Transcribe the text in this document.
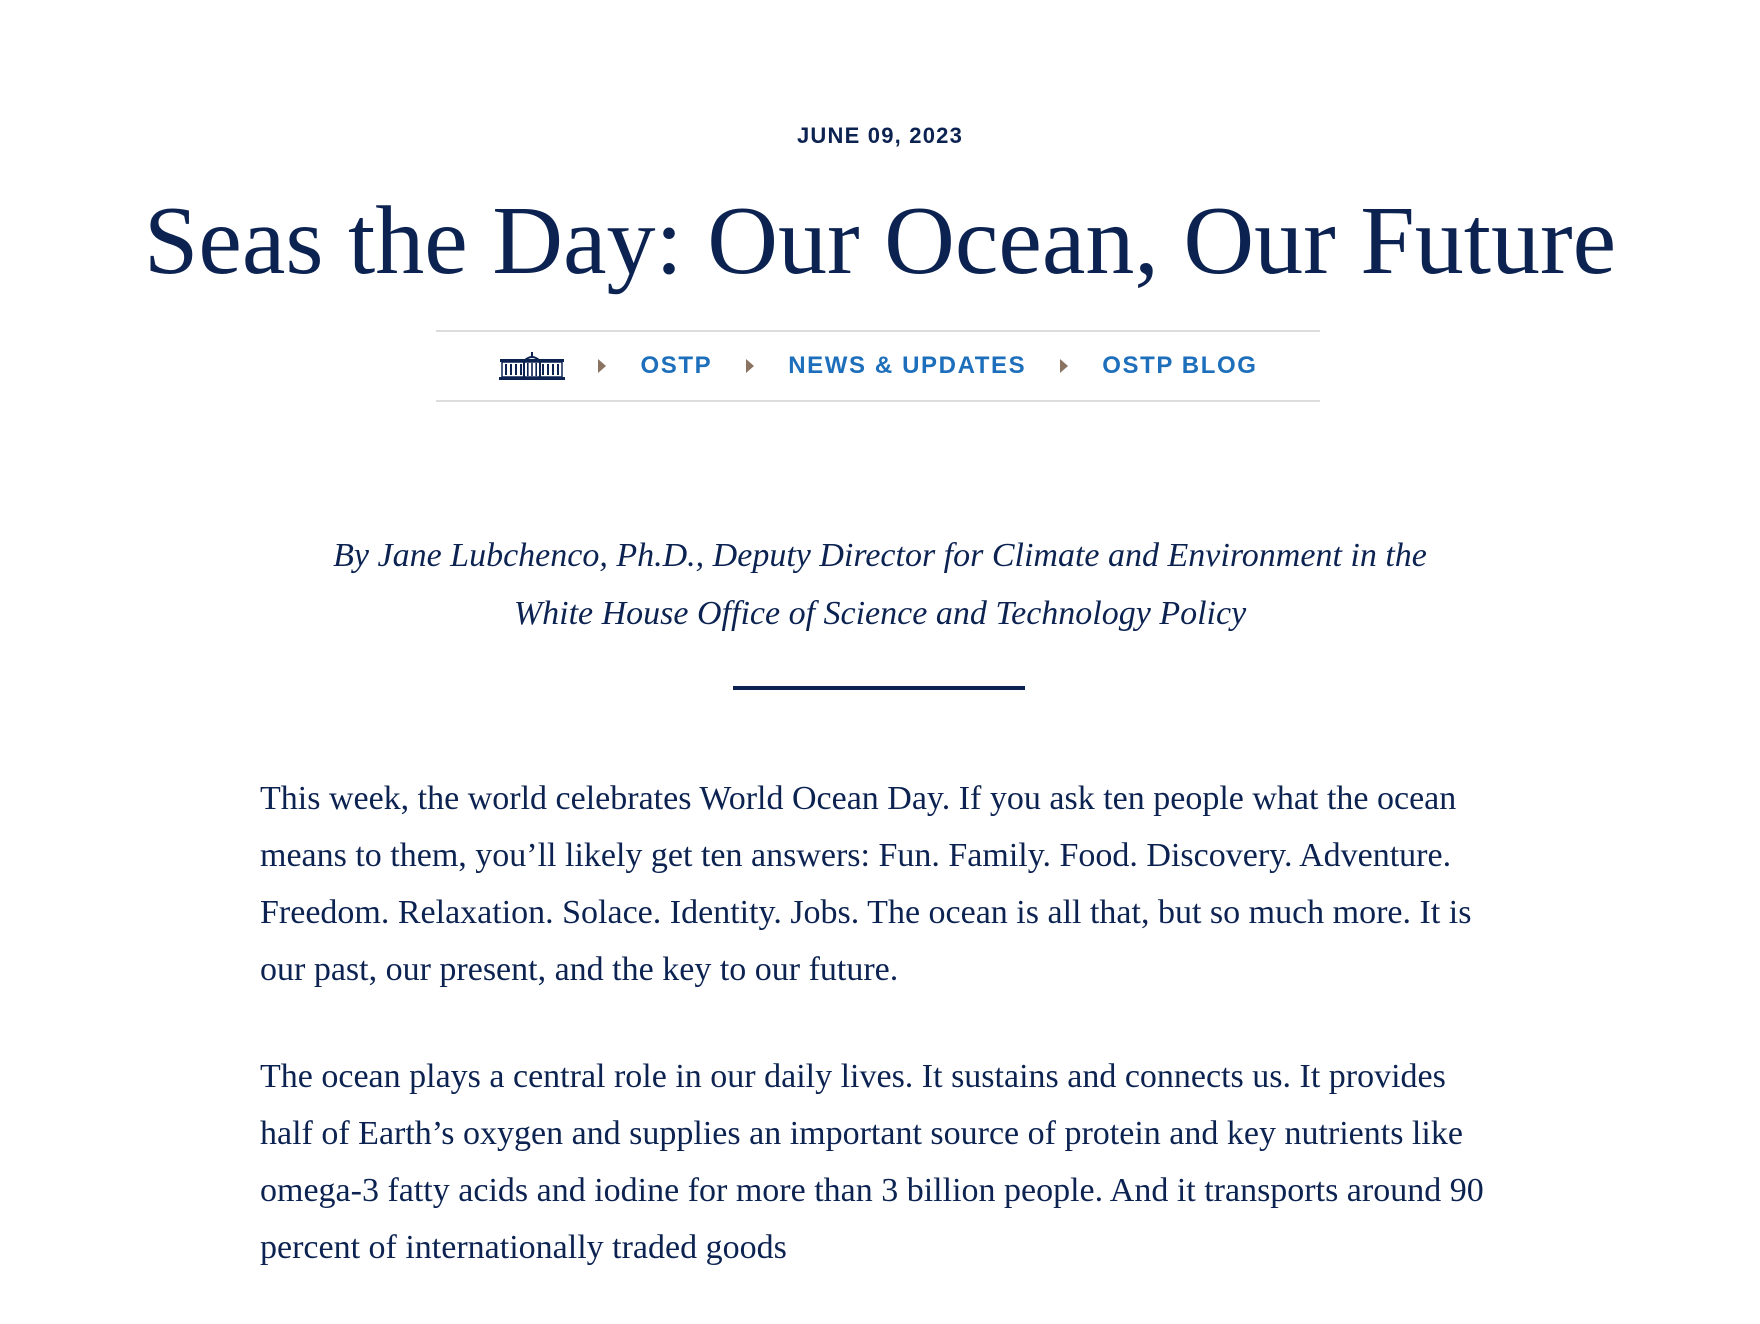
JUNE 09, 2023
Seas the Day: Our Ocean, Our Future
OSTP	NEWS & UPDATES	OSTP BLOG

By Jane Lubchenco, Ph.D., Deputy Director for Climate and Environment in the
White House Office of Science and Technology Policy

This week, the world celebrates World Ocean Day. If you ask ten people what the ocean means to them, you’ll likely get ten answers: Fun. Family. Food. Discovery. Adventure. Freedom. Relaxation. Solace. Identity. Jobs. The ocean is all that, but so much more. It is our past, our present, and the key to our future.

The ocean plays a central role in our daily lives. It sustains and connects us. It provides half of Earth’s oxygen and supplies an important source of protein and key nutrients like omega-3 fatty acids and iodine for more than 3 billion people. And it transports around 90 percent of internationally traded goods
